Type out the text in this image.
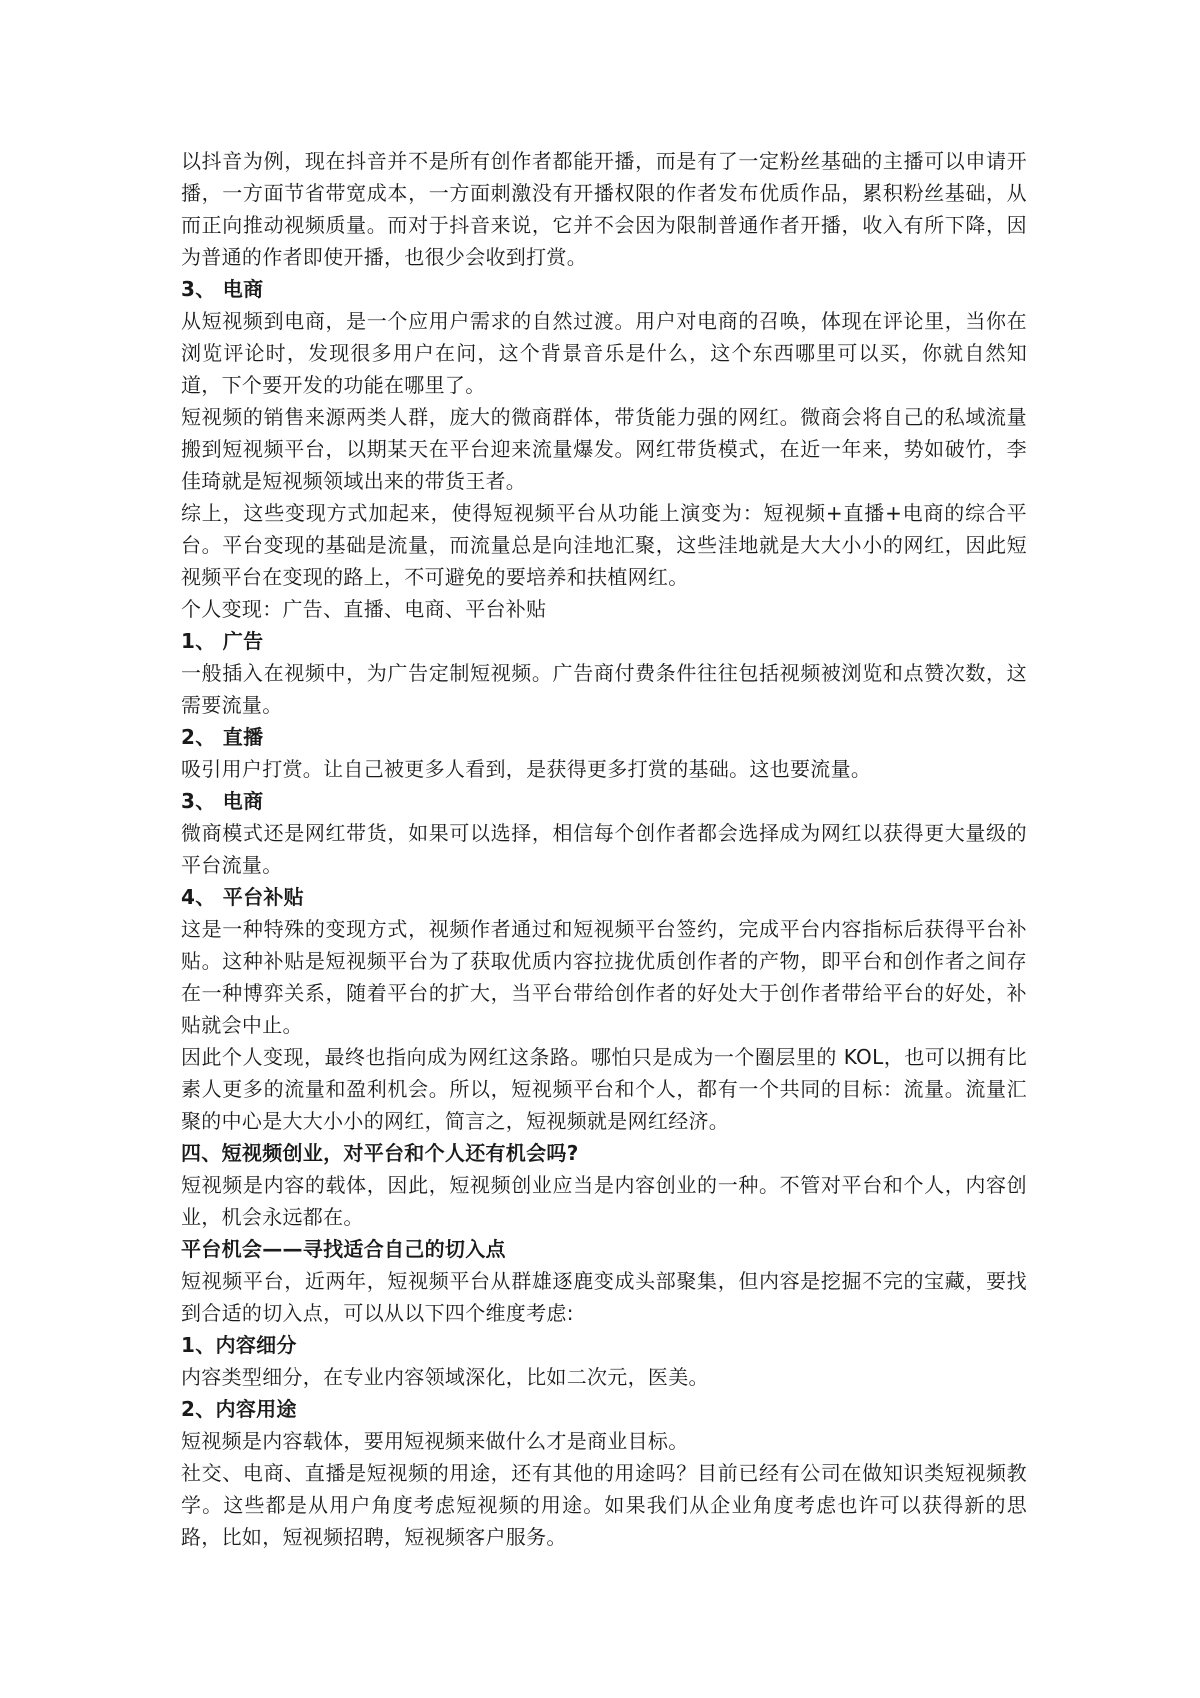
以抖音为例，现在抖音并不是所有创作者都能开播，而是有了一定粉丝基础的主播可以申请开播，一方面节省带宽成本，一方面刺激没有开播权限的作者发布优质作品，累积粉丝基础，从而正向推动视频质量。而对于抖音来说，它并不会因为限制普通作者开播，收入有所下降，因为普通的作者即使开播，也很少会收到打赏。

3、 电商

从短视频到电商，是一个应用户需求的自然过渡。用户对电商的召唤，体现在评论里，当你在浏览评论时，发现很多用户在问，这个背景音乐是什么，这个东西哪里可以买，你就自然知道，下个要开发的功能在哪里了。

短视频的销售来源两类人群，庞大的微商群体，带货能力强的网红。微商会将自己的私域流量搬到短视频平台，以期某天在平台迎来流量爆发。网红带货模式，在近一年来，势如破竹，李佳琦就是短视频领域出来的带货王者。

综上，这些变现方式加起来，使得短视频平台从功能上演变为：短视频+直播+电商的综合平台。平台变现的基础是流量，而流量总是向洼地汇聚，这些洼地就是大大小小的网红，因此短视频平台在变现的路上，不可避免的要培养和扶植网红。

个人变现：广告、直播、电商、平台补贴

1、 广告

一般插入在视频中，为广告定制短视频。广告商付费条件往往包括视频被浏览和点赞次数，这需要流量。

2、 直播

吸引用户打赏。让自己被更多人看到，是获得更多打赏的基础。这也要流量。

3、 电商

微商模式还是网红带货，如果可以选择，相信每个创作者都会选择成为网红以获得更大量级的平台流量。

4、 平台补贴

这是一种特殊的变现方式，视频作者通过和短视频平台签约，完成平台内容指标后获得平台补贴。这种补贴是短视频平台为了获取优质内容拉拢优质创作者的产物，即平台和创作者之间存在一种博弈关系，随着平台的扩大，当平台带给创作者的好处大于创作者带给平台的好处，补贴就会中止。

因此个人变现，最终也指向成为网红这条路。哪怕只是成为一个圈层里的 KOL，也可以拥有比素人更多的流量和盈利机会。所以，短视频平台和个人，都有一个共同的目标：流量。流量汇聚的中心是大大小小的网红，简言之，短视频就是网红经济。

四、短视频创业，对平台和个人还有机会吗?

短视频是内容的载体，因此，短视频创业应当是内容创业的一种。不管对平台和个人，内容创业，机会永远都在。

平台机会——寻找适合自己的切入点

短视频平台，近两年，短视频平台从群雄逐鹿变成头部聚集，但内容是挖掘不完的宝藏，要找到合适的切入点，可以从以下四个维度考虑:

1、内容细分

内容类型细分，在专业内容领域深化，比如二次元，医美。

2、内容用途

短视频是内容载体，要用短视频来做什么才是商业目标。

社交、电商、直播是短视频的用途，还有其他的用途吗？目前已经有公司在做知识类短视频教学。这些都是从用户角度考虑短视频的用途。如果我们从企业角度考虑也许可以获得新的思路，比如，短视频招聘，短视频客户服务。
